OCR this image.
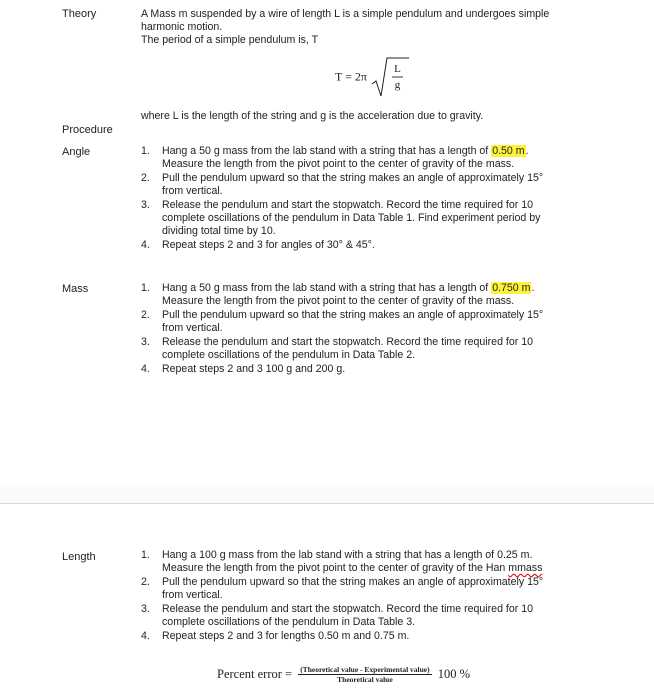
Theory	A Mass m suspended by a wire of length L is a simple pendulum and undergoes simple
harmonic motion.
The period of a simple pendulum is, T
T = 2π
L
g
where L is the length of the string and g is the acceleration due to gravity.
Procedure
Angle	1. Hang a 50 g mass from the lab stand with a string that has a length of 0.50 m.
Measure the length from the pivot point to the center of gravity of the mass.
2. Pull the pendulum upward so that the string makes an angle of approximately 15°
from vertical.
3. Release the pendulum and start the stopwatch. Record the time required for 10
complete oscillations of the pendulum in Data Table 1. Find experiment period by
dividing total time by 10.
4. Repeat steps 2 and 3 for angles of 30° & 45°.
Mass	1. Hang a 50 g mass from the lab stand with a string that has a length of 0.750 m.
Measure the length from the pivot point to the center of gravity of the mass.
2. Pull the pendulum upward so that the string makes an angle of approximately 15°
from vertical.
3. Release the pendulum and start the stopwatch. Record the time required for 10
complete oscillations of the pendulum in Data Table 2.
4. Repeat steps 2 and 3 100 g and 200 g.
Length	1. Hang a 100 g mass from the lab stand with a string that has a length of 0.25 m.
Measure the length from the pivot point to the center of gravity of the Han mmass
2. Pull the pendulum upward so that the string makes an angle of approximately 15°
from vertical.
3. Release the pendulum and start the stopwatch. Record the time required for 10
complete oscillations of the pendulum in Data Table 3.
4. Repeat steps 2 and 3 for lengths 0.50 m and 0.75 m.
Percent error = $\frac{\text{(Theoretical value - Experimental value)}}{\text{Theoretical value}} 100$ %
